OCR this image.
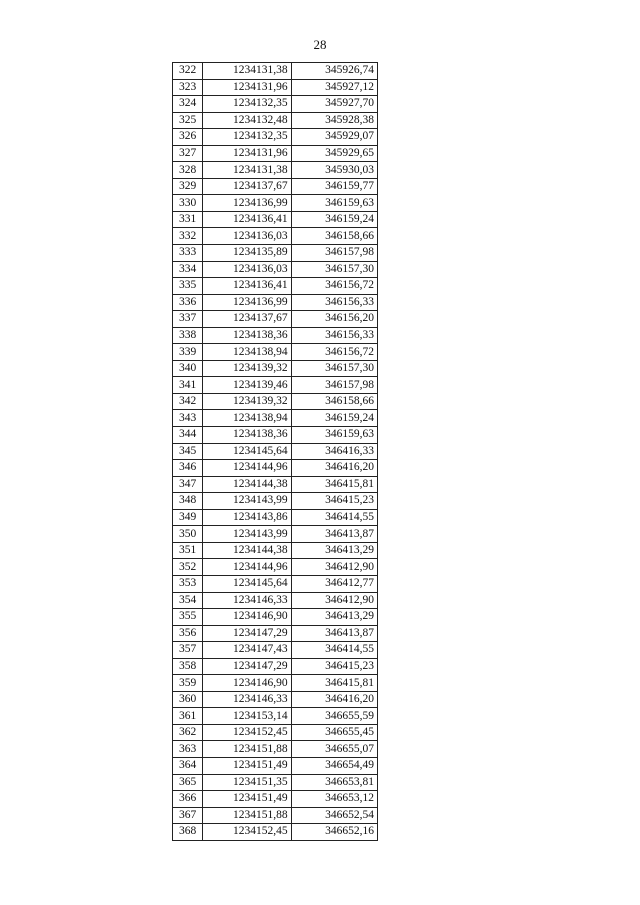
28
322	1234131,38	345926,74
323	1234131,96	345927,12
324	1234132,35	345927,70
325	1234132,48	345928,38
326	1234132,35	345929,07
327	1234131,96	345929,65
328	1234131,38	345930,03
329	1234137,67	346159,77
330	1234136,99	346159,63
331	1234136,41	346159,24
332	1234136,03	346158,66
333	1234135,89	346157,98
334	1234136,03	346157,30
335	1234136,41	346156,72
336	1234136,99	346156,33
337	1234137,67	346156,20
338	1234138,36	346156,33
339	1234138,94	346156,72
340	1234139,32	346157,30
341	1234139,46	346157,98
342	1234139,32	346158,66
343	1234138,94	346159,24
344	1234138,36	346159,63
345	1234145,64	346416,33
346	1234144,96	346416,20
347	1234144,38	346415,81
348	1234143,99	346415,23
349	1234143,86	346414,55
350	1234143,99	346413,87
351	1234144,38	346413,29
352	1234144,96	346412,90
353	1234145,64	346412,77
354	1234146,33	346412,90
355	1234146,90	346413,29
356	1234147,29	346413,87
357	1234147,43	346414,55
358	1234147,29	346415,23
359	1234146,90	346415,81
360	1234146,33	346416,20
361	1234153,14	346655,59
362	1234152,45	346655,45
363	1234151,88	346655,07
364	1234151,49	346654,49
365	1234151,35	346653,81
366	1234151,49	346653,12
367	1234151,88	346652,54
368	1234152,45	346652,16
